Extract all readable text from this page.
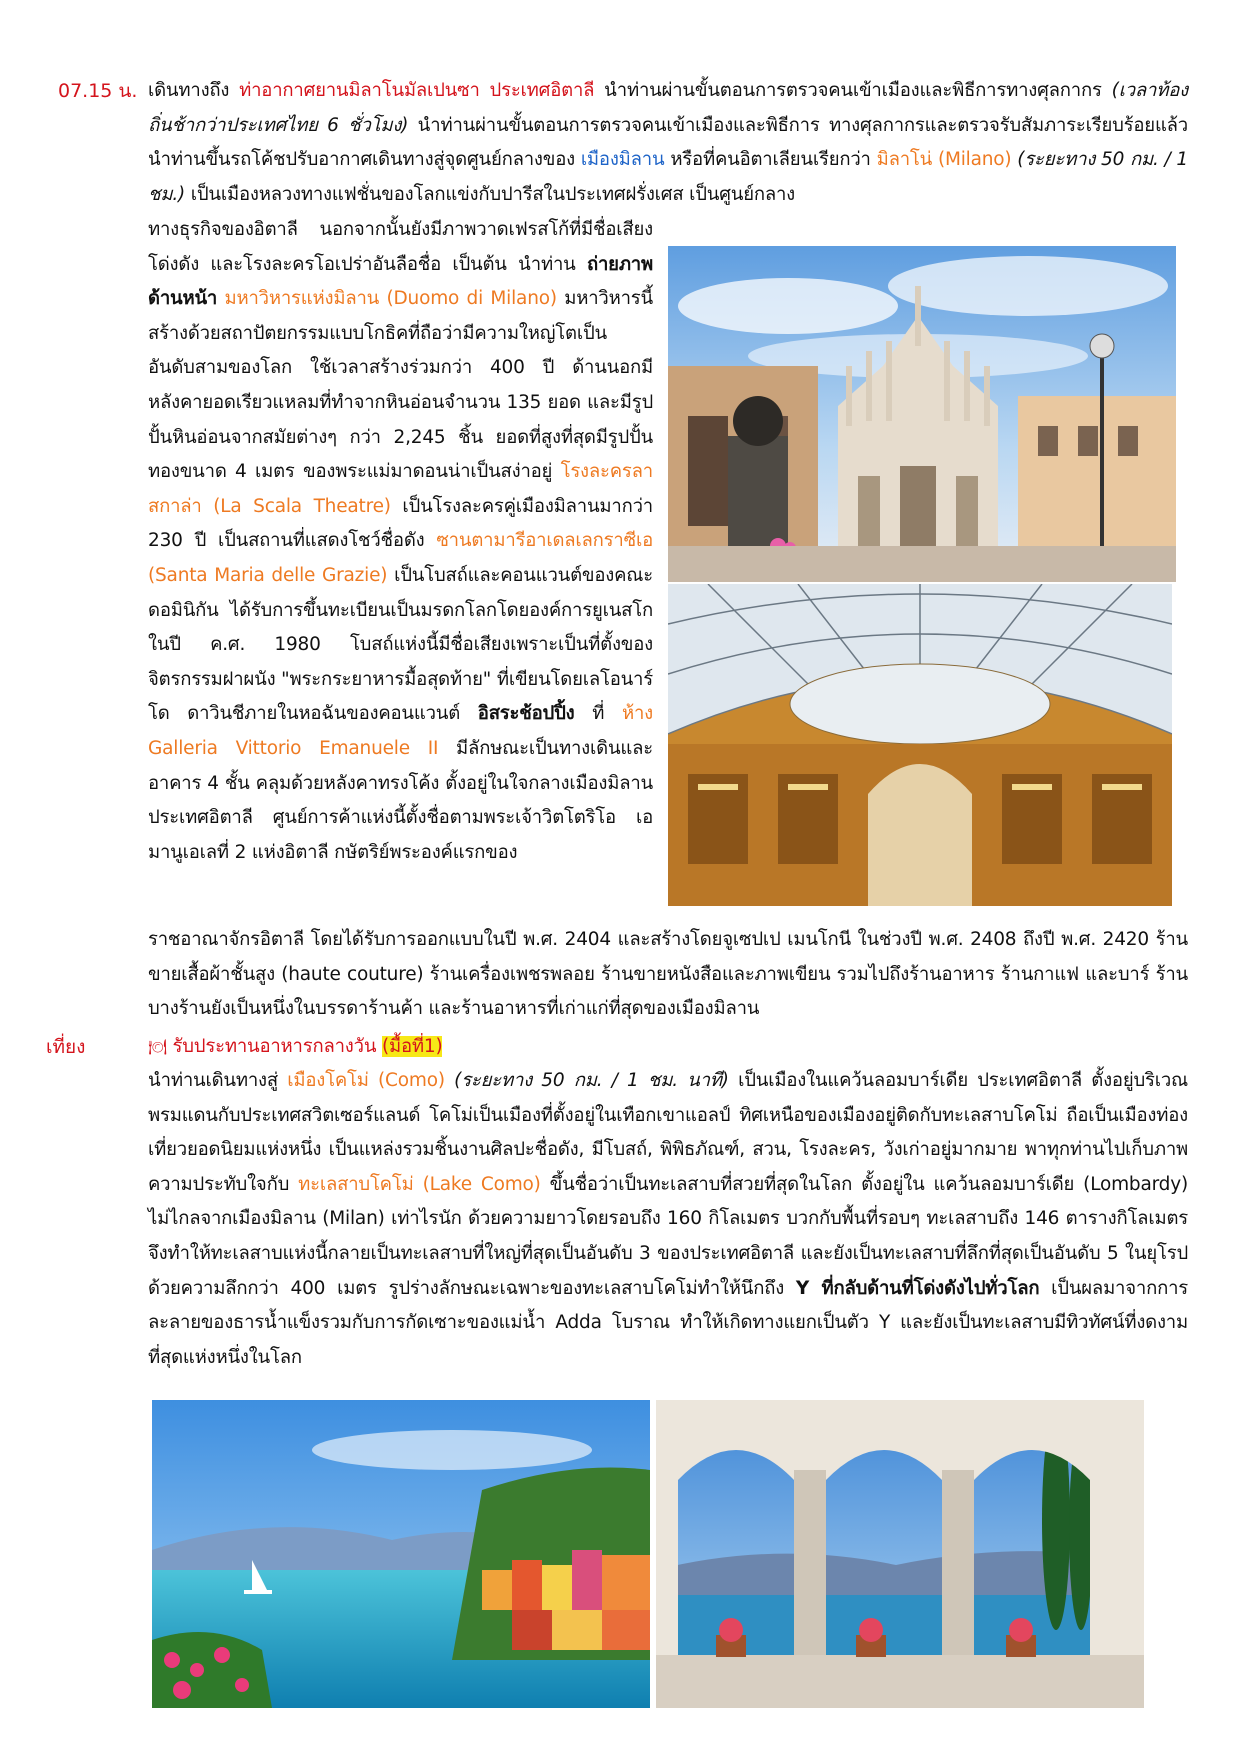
07.15 น.
เที่ยง

เดินทางถึง ท่าอากาศยานมิลาโนมัลเปนซา ประเทศอิตาลี นำท่านผ่านขั้นตอนการตรวจคนเข้าเมืองและพิธีการทางศุลกากร (เวลาท้องถิ่นช้ากว่าประเทศไทย 6 ชั่วโมง) นำท่านผ่านขั้นตอนการตรวจคนเข้าเมืองและพิธีการ ทางศุลกากรและตรวจรับสัมภาระเรียบร้อยแล้วนำท่านขึ้นรถโค้ชปรับอากาศเดินทางสู่จุดศูนย์กลางของ เมืองมิลาน หรือที่คนอิตาเลียนเรียกว่า มิลาโน่ (Milano) (ระยะทาง 50 กม. / 1 ชม.) เป็นเมืองหลวงทางแฟชั่นของโลกแข่งกับปารีสในประเทศฝรั่งเศส เป็นศูนย์กลาง

ทางธุรกิจของอิตาลี นอกจากนั้นยังมีภาพวาดเฟรสโก้ที่มีชื่อเสียงโด่งดัง และโรงละครโอเปร่าอันลือชื่อ เป็นต้น นำท่าน ถ่ายภาพด้านหน้า มหาวิหารแห่งมิลาน (Duomo di Milano) มหาวิหารนี้สร้างด้วยสถาปัตยกรรมแบบโกธิคที่ถือว่ามีความใหญ่โตเป็นอันดับสามของโลก ใช้เวลาสร้างร่วมกว่า 400 ปี ด้านนอกมีหลังคายอดเรียวแหลมที่ทำจากหินอ่อนจำนวน 135 ยอด และมีรูปปั้นหินอ่อนจากสมัยต่างๆ กว่า 2,245 ชิ้น ยอดที่สูงที่สุดมีรูปปั้นทองขนาด 4 เมตร ของพระแม่มาดอนน่าเป็นสง่าอยู่ โรงละครลาสกาล่า (La Scala Theatre) เป็นโรงละครคู่เมืองมิลานมากว่า 230 ปี เป็นสถานที่แสดงโชว์ชื่อดัง ซานตามารีอาเดลเลกราซีเอ (Santa Maria delle Grazie) เป็นโบสถ์และคอนแวนต์ของคณะดอมินิกัน ได้รับการขึ้นทะเบียนเป็นมรดกโลกโดยองค์การยูเนสโกในปี ค.ศ. 1980 โบสถ์แห่งนี้มีชื่อเสียงเพราะเป็นที่ตั้งของจิตรกรรมฝาผนัง "พระกระยาหารมื้อสุดท้าย" ที่เขียนโดยเลโอนาร์โด ดาวินชีภายในหอฉันของคอนแวนต์ อิสระช้อปปิ้ง ที่ ห้าง Galleria Vittorio Emanuele II มีลักษณะเป็นทางเดินและอาคาร 4 ชั้น คลุมด้วยหลังคาทรงโค้ง ตั้งอยู่ในใจกลางเมืองมิลาน ประเทศอิตาลี ศูนย์การค้าแห่งนี้ตั้งชื่อตามพระเจ้าวิตโตริโอ เอมานูเอเลที่ 2 แห่งอิตาลี กษัตริย์พระองค์แรกของ

ราชอาณาจักรอิตาลี โดยได้รับการออกแบบในปี พ.ศ. 2404 และสร้างโดยจูเซปเป เมนโกนี ในช่วงปี พ.ศ. 2408 ถึงปี พ.ศ. 2420 ร้านขายเสื้อผ้าชั้นสูง (haute couture) ร้านเครื่องเพชรพลอย ร้านขายหนังสือและภาพเขียน รวมไปถึงร้านอาหาร ร้านกาแฟ และบาร์ ร้านบางร้านยังเป็นหนึ่งในบรรดาร้านค้า และร้านอาหารที่เก่าแก่ที่สุดของเมืองมิลาน

🍽 รับประทานอาหารกลางวัน (มื้อที่1)

นำท่านเดินทางสู่ เมืองโคโม่ (Como) (ระยะทาง 50 กม. / 1 ชม. นาที) เป็นเมืองในแคว้นลอมบาร์เดีย ประเทศอิตาลี ตั้งอยู่บริเวณพรมแดนกับประเทศสวิตเซอร์แลนด์ โคโม่เป็นเมืองที่ตั้งอยู่ในเทือกเขาแอลป์ ทิศเหนือของเมืองอยู่ติดกับทะเลสาบโคโม่ ถือเป็นเมืองท่องเที่ยวยอดนิยมแห่งหนึ่ง เป็นแหล่งรวมชิ้นงานศิลปะชื่อดัง, มีโบสถ์, พิพิธภัณฑ์, สวน, โรงละคร, วังเก่าอยู่มากมาย พาทุกท่านไปเก็บภาพความประทับใจกับ ทะเลสาบโคโม่ (Lake Como) ขึ้นชื่อว่าเป็นทะเลสาบที่สวยที่สุดในโลก ตั้งอยู่ใน แคว้นลอมบาร์เดีย (Lombardy) ไม่ไกลจากเมืองมิลาน (Milan) เท่าไรนัก ด้วยความยาวโดยรอบถึง 160 กิโลเมตร บวกกับพื้นที่รอบๆ ทะเลสาบถึง 146 ตารางกิโลเมตร จึงทำให้ทะเลสาบแห่งนี้กลายเป็นทะเลสาบที่ใหญ่ที่สุดเป็นอันดับ 3 ของประเทศอิตาลี และยังเป็นทะเลสาบที่ลึกที่สุดเป็นอันดับ 5 ในยุโรปด้วยความลึกกว่า 400 เมตร รูปร่างลักษณะเฉพาะของทะเลสาบโคโม่ทำให้นึกถึง Y ที่กลับด้านที่โด่งดังไปทั่วโลก เป็นผลมาจากการละลายของธารน้ำแข็งรวมกับการกัดเซาะของแม่น้ำ Adda โบราณ ทำให้เกิดทางแยกเป็นตัว Y และยังเป็นทะเลสาบมีทิวทัศน์ที่งดงามที่สุดแห่งหนึ่งในโลก
